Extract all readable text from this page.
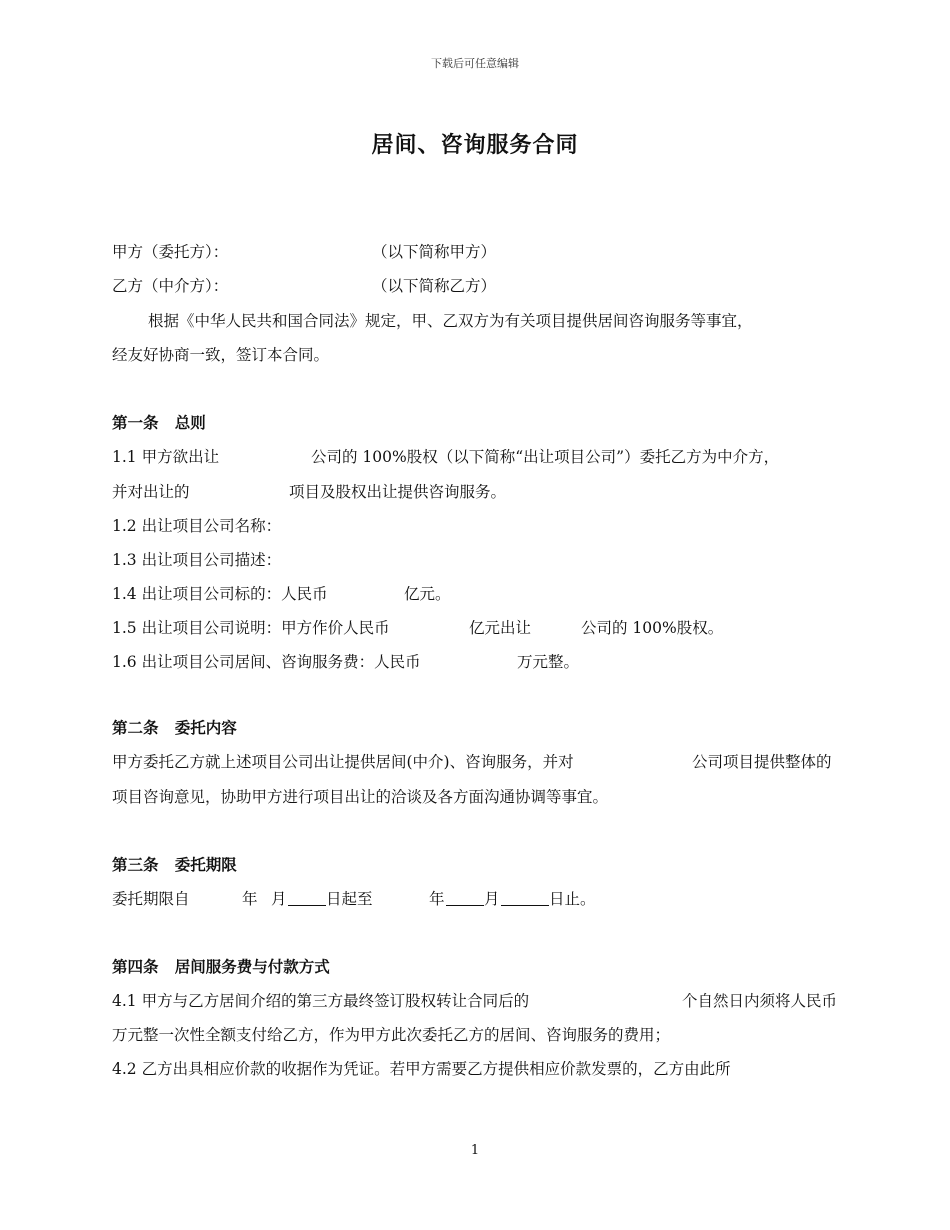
下载后可任意编辑
居间、咨询服务合同
甲方（委托方）：	（以下简称甲方）
乙方（中介方）：	（以下简称乙方）
根据《中华人民共和国合同法》规定，甲、乙双方为有关项目提供居间咨询服务等事宜，
经友好协商一致，签订本合同。
第一条   总则
1.1 甲方欲出让	公司的 100%股权（以下简称“出让项目公司”）委托乙方为中介方，
并对出让的	项目及股权出让提供咨询服务。
1.2 出让项目公司名称：
1.3 出让项目公司描述：
1.4 出让项目公司标的：人民币	亿元。
1.5 出让项目公司说明：甲方作价人民币	亿元出让	公司的 100%股权。
1.6 出让项目公司居间、咨询服务费：人民币	万元整。
第二条   委托内容
甲方委托乙方就上述项目公司出让提供居间(中介)、咨询服务，并对	公司项目提供整体的
项目咨询意见，协助甲方进行项目出让的洽谈及各方面沟通协调等事宜。
第三条   委托期限
委托期限自	年 月	日起至	年	月	日止。
第四条   居间服务费与付款方式
4.1 甲方与乙方居间介绍的第三方最终签订股权转让合同后的	个自然日内须将人民币
万元整一次性全额支付给乙方，作为甲方此次委托乙方的居间、咨询服务的费用；
4.2 乙方出具相应价款的收据作为凭证。若甲方需要乙方提供相应价款发票的，乙方由此所
1
